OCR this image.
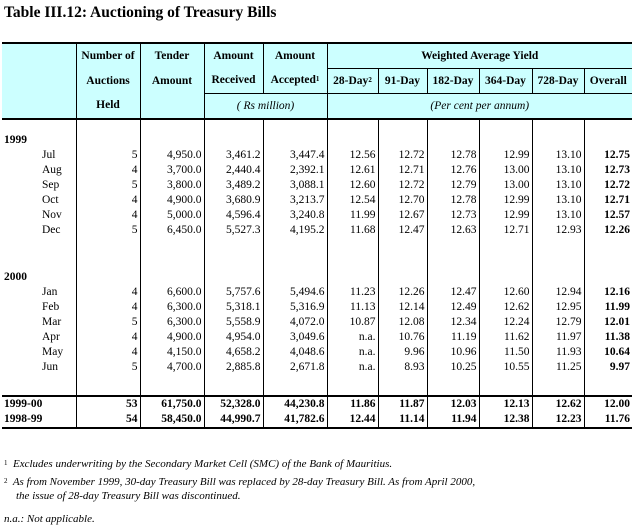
Table III.12: Auctioning of Treasury Bills
	Number of	Tender	Amount	Amount	Weighted Average Yield					
	Auctions	Amount	Received	Accepted$^1$	28-Day$^2$	91-Day	182-Day	364-Day	728-Day	Overall
	Held		( Rs million)		(Per cent per annum)					

1999										
Jul	5	4,950.0	3,461.2	3,447.4	12.56	12.72	12.78	12.99	13.10	12.75
Aug	4	3,700.0	2,440.4	2,392.1	12.61	12.71	12.76	13.00	13.10	12.73
Sep	5	3,800.0	3,489.2	3,088.1	12.60	12.72	12.79	13.00	13.10	12.72
Oct	4	4,900.0	3,680.9	3,213.7	12.54	12.70	12.78	12.99	13.10	12.71
Nov	4	5,000.0	4,596.4	3,240.8	11.99	12.67	12.73	12.99	13.10	12.57
Dec	5	6,450.0	5,527.3	4,195.2	11.68	12.47	12.63	12.71	12.93	12.26

2000										
Jan	4	6,600.0	5,757.6	5,494.6	11.23	12.26	12.47	12.60	12.94	12.16
Feb	4	6,300.0	5,318.1	5,316.9	11.13	12.14	12.49	12.62	12.95	11.99
Mar	5	6,300.0	5,558.9	4,072.0	10.87	12.08	12.34	12.24	12.79	12.01
Apr	4	4,900.0	4,954.0	3,049.6	n.a.	10.76	11.19	11.62	11.97	11.38
May	4	4,150.0	4,658.2	4,048.6	n.a.	9.96	10.96	11.50	11.93	10.64
Jun	5	4,700.0	2,885.8	2,671.8	n.a.	8.93	10.25	10.55	11.25	9.97

1999-00	53	61,750.0	52,328.0	44,230.8	11.86	11.87	12.03	12.13	12.62	12.00
1998-99	54	58,450.0	44,990.7	41,782.6	12.44	11.14	11.94	12.38	12.23	11.76
$^1$ Excludes underwriting by the Secondary Market Cell (SMC) of the Bank of Mauritius.
$^2$ As from November 1999, 30-day Treasury Bill was replaced by 28-day Treasury Bill. As from April 2000,
the issue of 28-day Treasury Bill was discontinued.
n.a.: Not applicable.
